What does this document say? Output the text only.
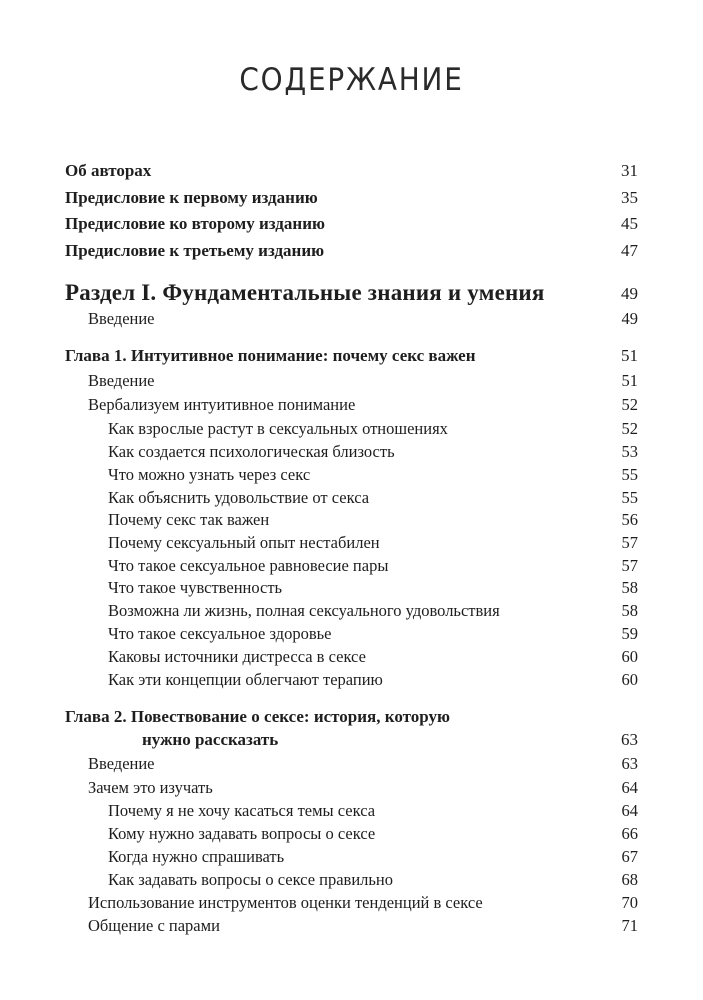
СОДЕРЖАНИЕ
Об авторах	31
Предисловие к первому изданию	35
Предисловие ко второму изданию	45
Предисловие к третьему изданию	47
Раздел I. Фундаментальные знания и умения	49
Введение	49
Глава 1. Интуитивное понимание: почему секс важен	51
Введение	51
Вербализуем интуитивное понимание	52
Как взрослые растут в сексуальных отношениях	52
Как создается психологическая близость	53
Что можно узнать через секс	55
Как объяснить удовольствие от секса	55
Почему секс так важен	56
Почему сексуальный опыт нестабилен	57
Что такое сексуальное равновесие пары	57
Что такое чувственность	58
Возможна ли жизнь, полная сексуального удовольствия	58
Что такое сексуальное здоровье	59
Каковы источники дистресса в сексе	60
Как эти концепции облегчают терапию	60
Глава 2. Повествование о сексе: история, которую
нужно рассказать	63
Введение	63
Зачем это изучать	64
Почему я не хочу касаться темы секса	64
Кому нужно задавать вопросы о сексе	66
Когда нужно спрашивать	67
Как задавать вопросы о сексе правильно	68
Использование инструментов оценки тенденций в сексе	70
Общение с парами	71
